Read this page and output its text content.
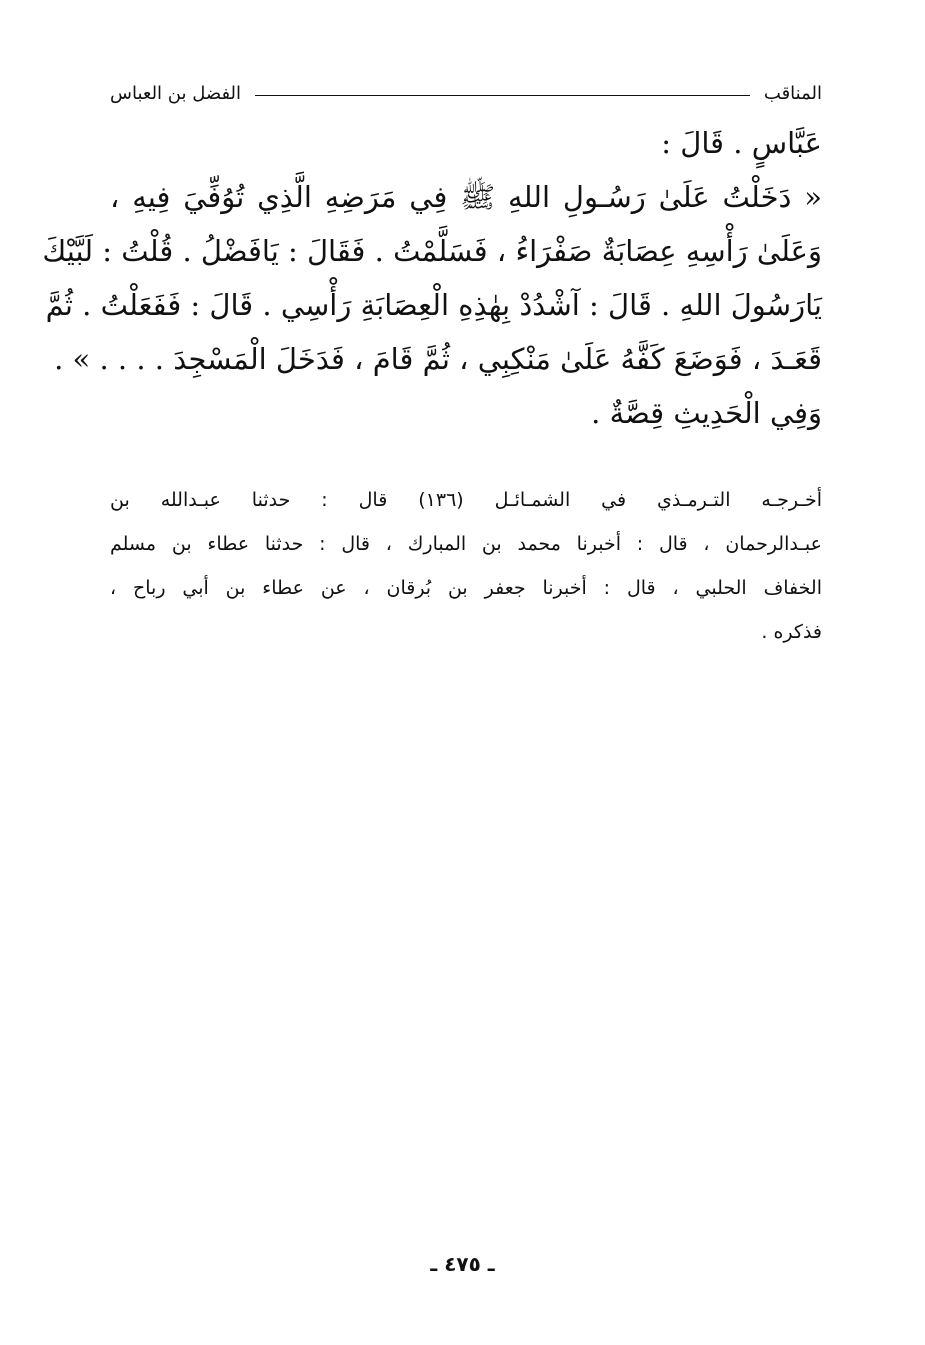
المناقب
الفضل بن العباس
عَبَّاسٍ . قَالَ :
« دَخَلْتُ عَلَىٰ رَسُـولِ اللهِ ﷺ فِي مَرَضِهِ الَّذِي تُوُفِّيَ فِيهِ ،
وَعَلَىٰ رَأْسِهِ عِصَابَةٌ صَفْرَاءُ ، فَسَلَّمْتُ . فَقَالَ : يَافَضْلُ . قُلْتُ : لَبَّيْكَ
يَارَسُولَ اللهِ . قَالَ : آشْدُدْ بِهٰذِهِ الْعِصَابَةِ رَأْسِي . قَالَ : فَفَعَلْتُ . ثُمَّ
قَعَـدَ ، فَوَضَعَ كَفَّهُ عَلَىٰ مَنْكِبِي ، ثُمَّ قَامَ ، فَدَخَلَ الْمَسْجِدَ . . . . » .
وَفِي الْحَدِيثِ قِصَّةٌ .
أخـرجـه التـرمـذي في الشمـائـل (١٣٦) قال : حدثنا عبـدالله بن
عبـدالرحمان ، قال : أخبرنا محمد بن المبارك ، قال : حدثنا عطاء بن مسلم
الخفاف الحلبي ، قال : أخبرنا جعفر بن بُرقان ، عن عطاء بن أبي رباح ،
فذكره .
ـ ٤٧٥ ـ
